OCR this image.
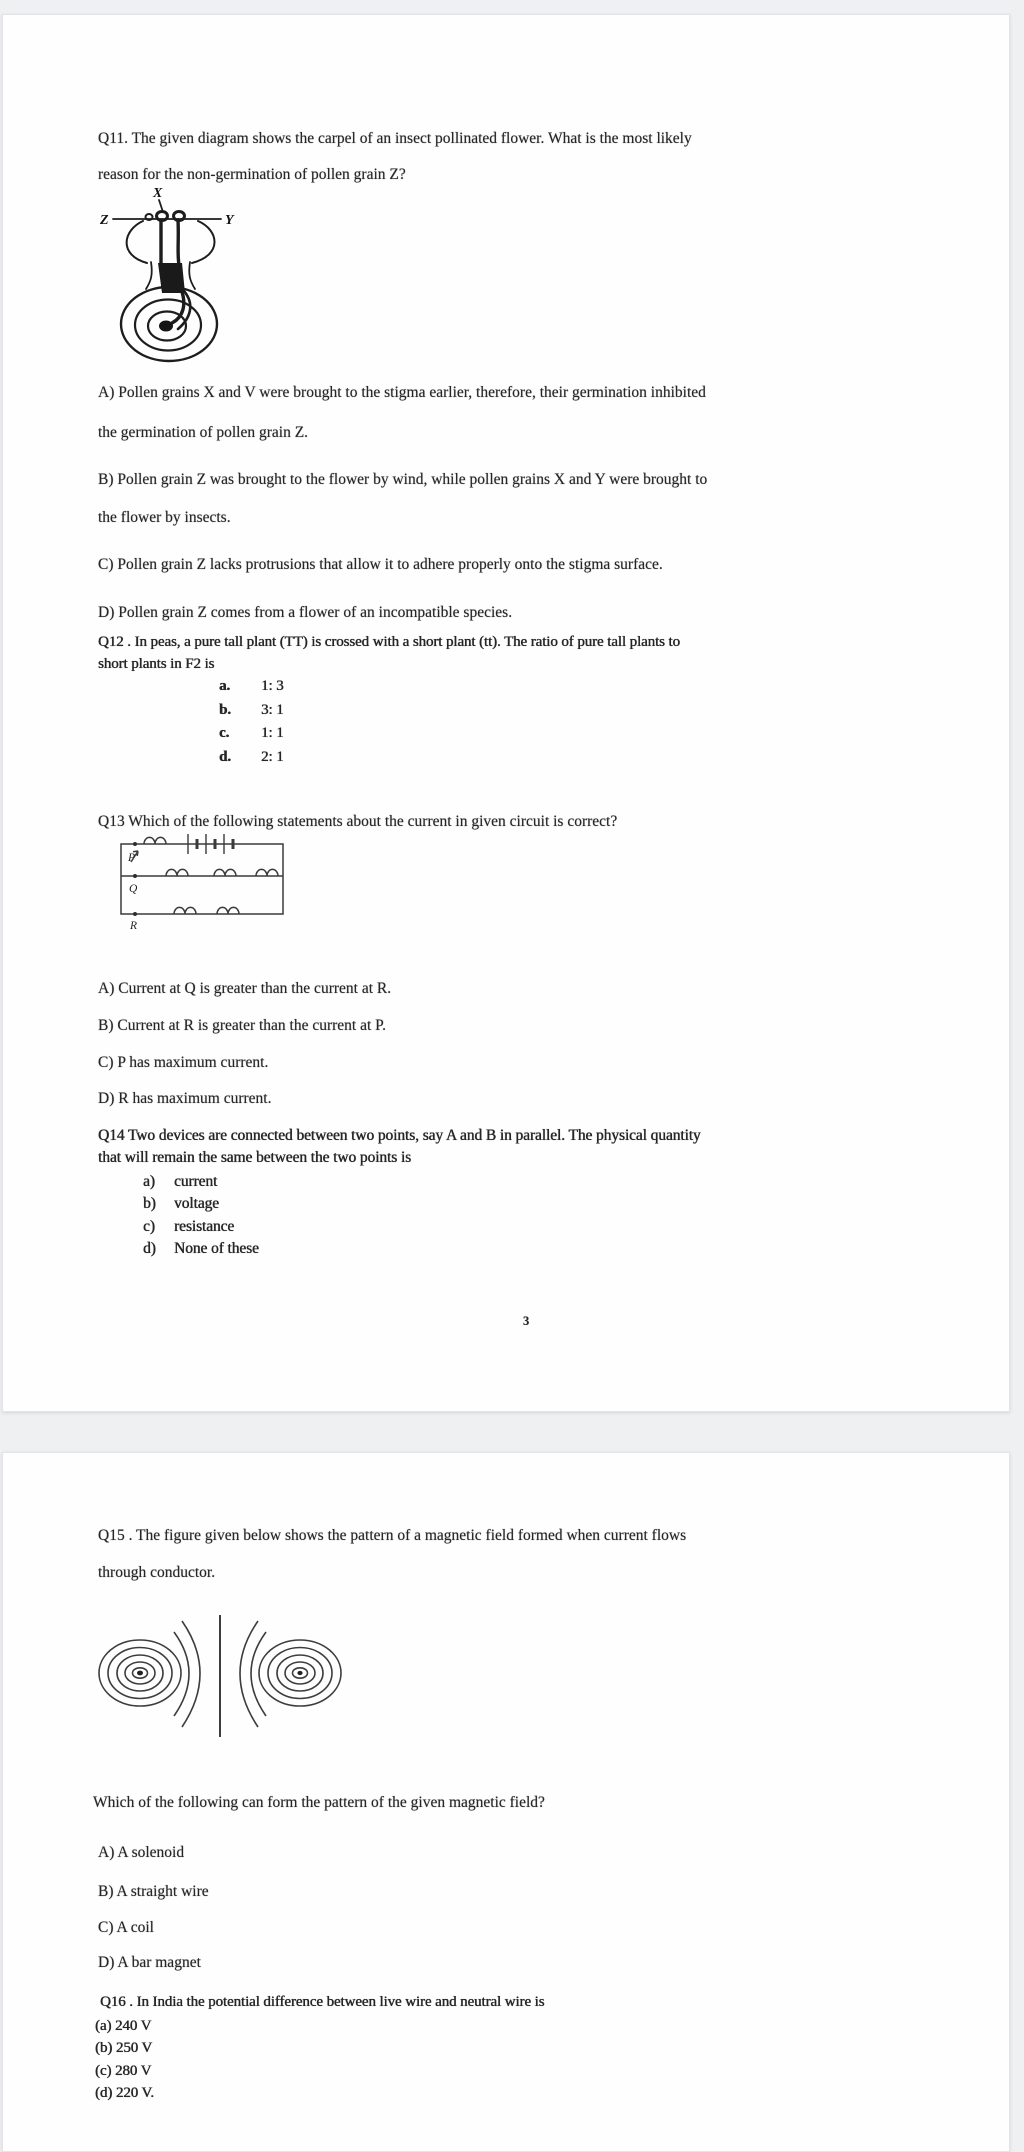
Q11. The given diagram shows the carpel of an insect pollinated flower. What is the most likely
reason for the non-germination of pollen grain Z?
X
Z	Y
A) Pollen grains X and V were brought to the stigma earlier, therefore, their germination inhibited
the germination of pollen grain Z.
B) Pollen grain Z was brought to the flower by wind, while pollen grains X and Y were brought to
the flower by insects.
C) Pollen grain Z lacks protrusions that allow it to adhere properly onto the stigma surface.
D) Pollen grain Z comes from a flower of an incompatible species.
Q12 . In peas, a pure tall plant (TT) is crossed with a short plant (tt). The ratio of pure tall plants to
short plants in F2 is
a. 1: 3
b. 3: 1
c. 1: 1
d. 2: 1
Q13 Which of the following statements about the current in given circuit is correct?
P
Q
R
A) Current at Q is greater than the current at R.
B) Current at R is greater than the current at P.
C) P has maximum current.
D) R has maximum current.
Q14 Two devices are connected between two points, say A and B in parallel. The physical quantity
that will remain the same between the two points is
a) current
b) voltage
c) resistance
d) None of these
3
Q15 . The figure given below shows the pattern of a magnetic field formed when current flows
through conductor.
Which of the following can form the pattern of the given magnetic field?
A) A solenoid
B) A straight wire
C) A coil
D) A bar magnet
Q16 . In India the potential difference between live wire and neutral wire is
(a) 240 V
(b) 250 V
(c) 280 V
(d) 220 V.
